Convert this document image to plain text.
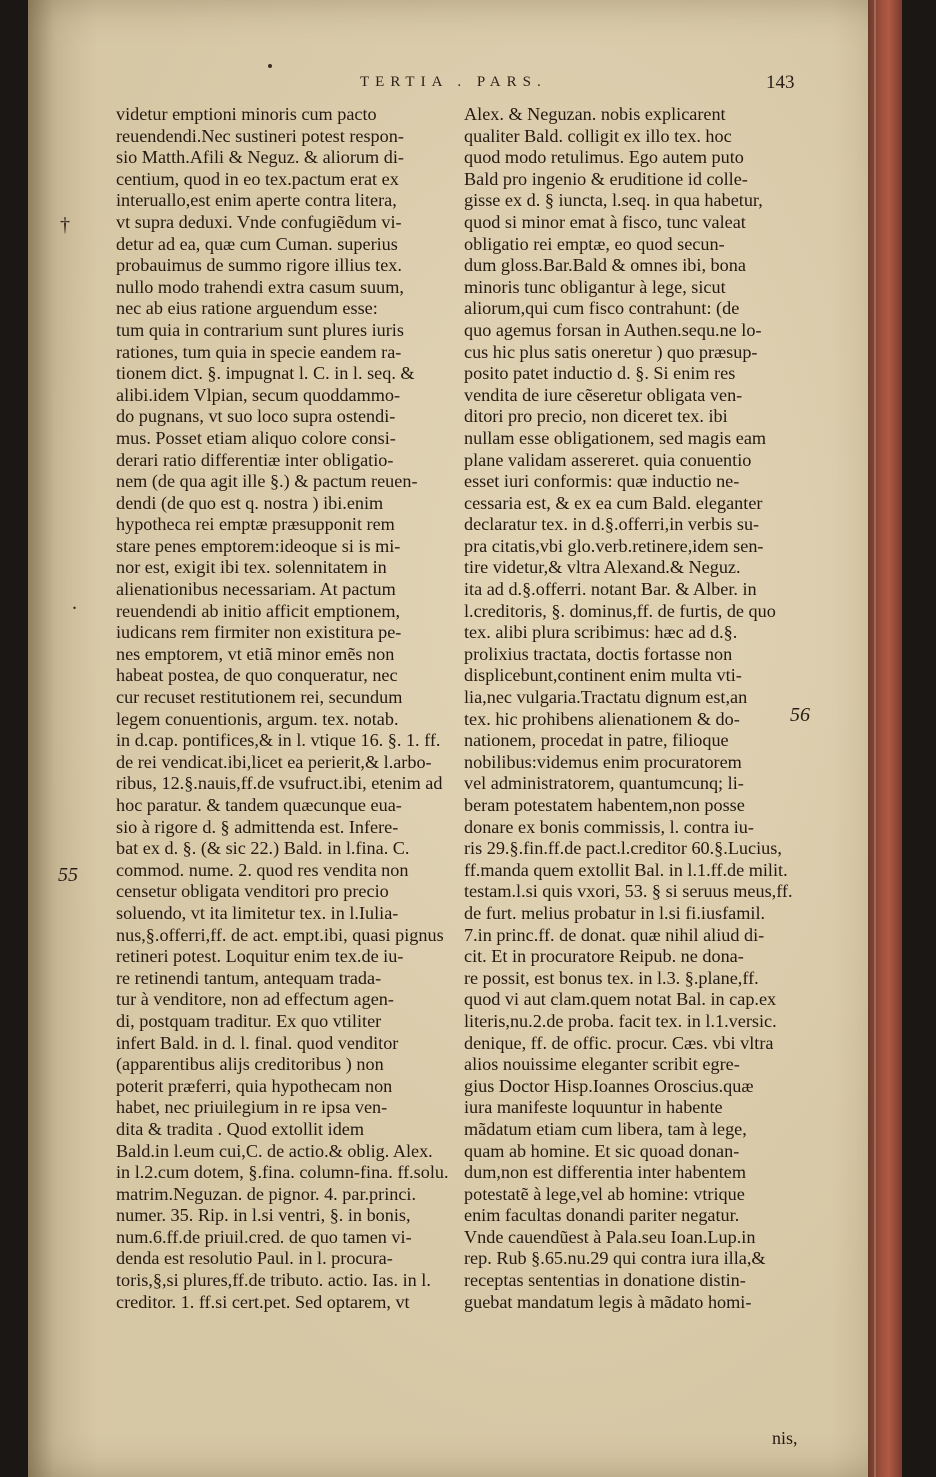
TERTIA . PARS.	143
videtur emptioni minoris cum pacto
reuendendi.Nec sustineri potest respon-
sio Matth.Afili & Neguz. & aliorum di-
centium, quod in eo tex.pactum erat ex
interuallo,est enim aperte contra litera,
vt supra deduxi. Vnde confugiẽdum vi-
detur ad ea, quæ cum Cuman. superius
probauimus de summo rigore illius tex.
nullo modo trahendi extra casum suum,
nec ab eius ratione arguendum esse:
tum quia in contrarium sunt plures iuris
rationes, tum quia in specie eandem ra-
tionem dict. §. impugnat l. C. in l. seq. &
alibi.idem Vlpian, secum quoddammo-
do pugnans, vt suo loco supra ostendi-
mus. Posset etiam aliquo colore consi-
derari ratio differentiæ inter obligatio-
nem (de qua agit ille §.) & pactum reuen-
dendi (de quo est q. nostra ) ibi.enim
hypotheca rei emptæ præsupponit rem
stare penes emptorem:ideoque si is mi-
nor est, exigit ibi tex. solennitatem in
alienationibus necessariam. At pactum
reuendendi ab initio afficit emptionem,
iudicans rem firmiter non existitura pe-
nes emptorem, vt etiã minor emẽs non
habeat postea, de quo conqueratur, nec
cur recuset restitutionem rei, secundum
legem conuentionis, argum. tex. notab.
in d.cap. pontifices,& in l. vtique 16. §. 1. ff.
de rei vendicat.ibi,licet ea perierit,& l.arbo-
ribus, 12.§.nauis,ff.de vsufruct.ibi, etenim ad
hoc paratur. & tandem quæcunque eua-
sio à rigore d. § admittenda est. Infere-
bat ex d. §. (& sic 22.) Bald. in l.fina. C.
commod. nume. 2. quod res vendita non
censetur obligata venditori pro precio
soluendo, vt ita limitetur tex. in l.Iulia-
nus,§.offerri,ff. de act. empt.ibi, quasi pignus
retineri potest. Loquitur enim tex.de iu-
re retinendi tantum, antequam trada-
tur à venditore, non ad effectum agen-
di, postquam traditur. Ex quo vtiliter
infert Bald. in d. l. final. quod venditor
(apparentibus alijs creditoribus ) non
poterit præferri, quia hypothecam non
habet, nec priuilegium in re ipsa ven-
dita & tradita . Quod extollit idem
Bald.in l.eum cui,C. de actio.& oblig. Alex.
in l.2.cum dotem, §.fina. column-fina. ff.solu.
matrim.Neguzan. de pignor. 4. par.princi.
numer. 35. Rip. in l.si ventri, §. in bonis,
num.6.ff.de priuil.cred. de quo tamen vi-
denda est resolutio Paul. in l. procura-
toris,§,si plures,ff.de tributo. actio. Ias. in l.
creditor. 1. ff.si cert.pet. Sed optarem, vt
Alex. & Neguzan. nobis explicarent
qualiter Bald. colligit ex illo tex. hoc
quod modo retulimus. Ego autem puto
Bald pro ingenio & eruditione id colle-
gisse ex d. § iuncta, l.seq. in qua habetur,
quod si minor emat à fisco, tunc valeat
obligatio rei emptæ, eo quod secun-
dum gloss.Bar.Bald & omnes ibi, bona
minoris tunc obligantur à lege, sicut
aliorum,qui cum fisco contrahunt: (de
quo agemus forsan in Authen.sequ.ne lo-
cus hic plus satis oneretur ) quo præsup-
posito patet inductio d. §. Si enim res
vendita de iure cẽseretur obligata ven-
ditori pro precio, non diceret tex. ibi
nullam esse obligationem, sed magis eam
plane validam assereret. quia conuentio
esset iuri conformis: quæ inductio ne-
cessaria est, & ex ea cum Bald. eleganter
declaratur tex. in d.§.offerri,in verbis su-
pra citatis,vbi glo.verb.retinere,idem sen-
tire videtur,& vltra Alexand.& Neguz.
ita ad d.§.offerri. notant Bar. & Alber. in
l.creditoris, §. dominus,ff. de furtis, de quo
tex. alibi plura scribimus: hæc ad d.§.
prolixius tractata, doctis fortasse non
displicebunt,continent enim multa vti-
lia,nec vulgaria.Tractatu dignum est,an
tex. hic prohibens alienationem & do-
nationem, procedat in patre, filioque
nobilibus:videmus enim procuratorem
vel administratorem, quantumcunq; li-
beram potestatem habentem,non posse
donare ex bonis commissis, l. contra iu-
ris 29.§.fin.ff.de pact.l.creditor 60.§.Lucius,
ff.manda quem extollit Bal. in l.1.ff.de milit.
testam.l.si quis vxori, 53. § si seruus meus,ff.
de furt. melius probatur in l.si fi.iusfamil.
7.in princ.ff. de donat. quæ nihil aliud di-
cit. Et in procuratore Reipub. ne dona-
re possit, est bonus tex. in l.3. §.plane,ff.
quod vi aut clam.quem notat Bal. in cap.ex
literis,nu.2.de proba. facit tex. in l.1.versic.
denique, ff. de offic. procur. Cæs. vbi vltra
alios nouissime eleganter scribit egre-
gius Doctor Hisp.Ioannes Oroscius.quæ
iura manifeste loquuntur in habente
mãdatum etiam cum libera, tam à lege,
quam ab homine. Et sic quoad donan-
dum,non est differentia inter habentem
potestatẽ à lege,vel ab homine: vtrique
enim facultas donandi pariter negatur.
Vnde cauendũest à Pala.seu Ioan.Lup.in
rep. Rub §.65.nu.29 qui contra iura illa,&
receptas sententias in donatione distin-
guebat mandatum legis à mãdato homi-
†
.
55
56
nis,
